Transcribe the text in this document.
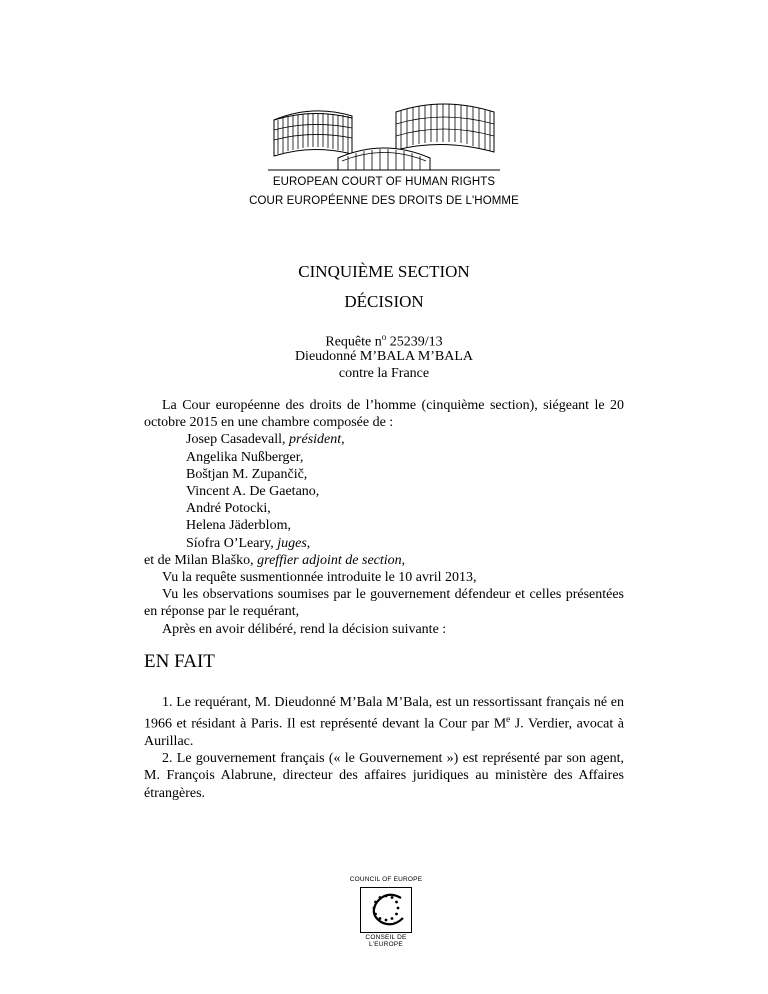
EUROPEAN COURT OF HUMAN RIGHTS
COUR EUROPÉENNE DES DROITS DE L'HOMME
CINQUIÈME SECTION
DÉCISION
Requête $n^o$ 25239/13
Dieudonné M’BALA M’BALA
contre la France

La Cour européenne des droits de l’homme (cinquième section), siégeant le 20 octobre 2015 en une chambre composée de :

Josep Casadevall, président,

Angelika Nußberger,

Boštjan M. Zupančič,

Vincent A. De Gaetano,

André Potocki,

Helena Jäderblom,

Síofra O’Leary, juges,

et de Milan Blaško, greffier adjoint de section,

Vu la requête susmentionnée introduite le 10 avril 2013,

Vu les observations soumises par le gouvernement défendeur et celles présentées en réponse par le requérant,

Après en avoir délibéré, rend la décision suivante :

EN FAIT

1. Le requérant, M. Dieudonné M’Bala M’Bala, est un ressortissant français né en 1966 et résidant à Paris. Il est représenté devant la Cour par Me J. Verdier, avocat à Aurillac.

2. Le gouvernement français (« le Gouvernement ») est représenté par son agent, M. François Alabrune, directeur des affaires juridiques au ministère des Affaires étrangères.

COUNCIL OF EUROPE
CONSEIL DE L'EUROPE
